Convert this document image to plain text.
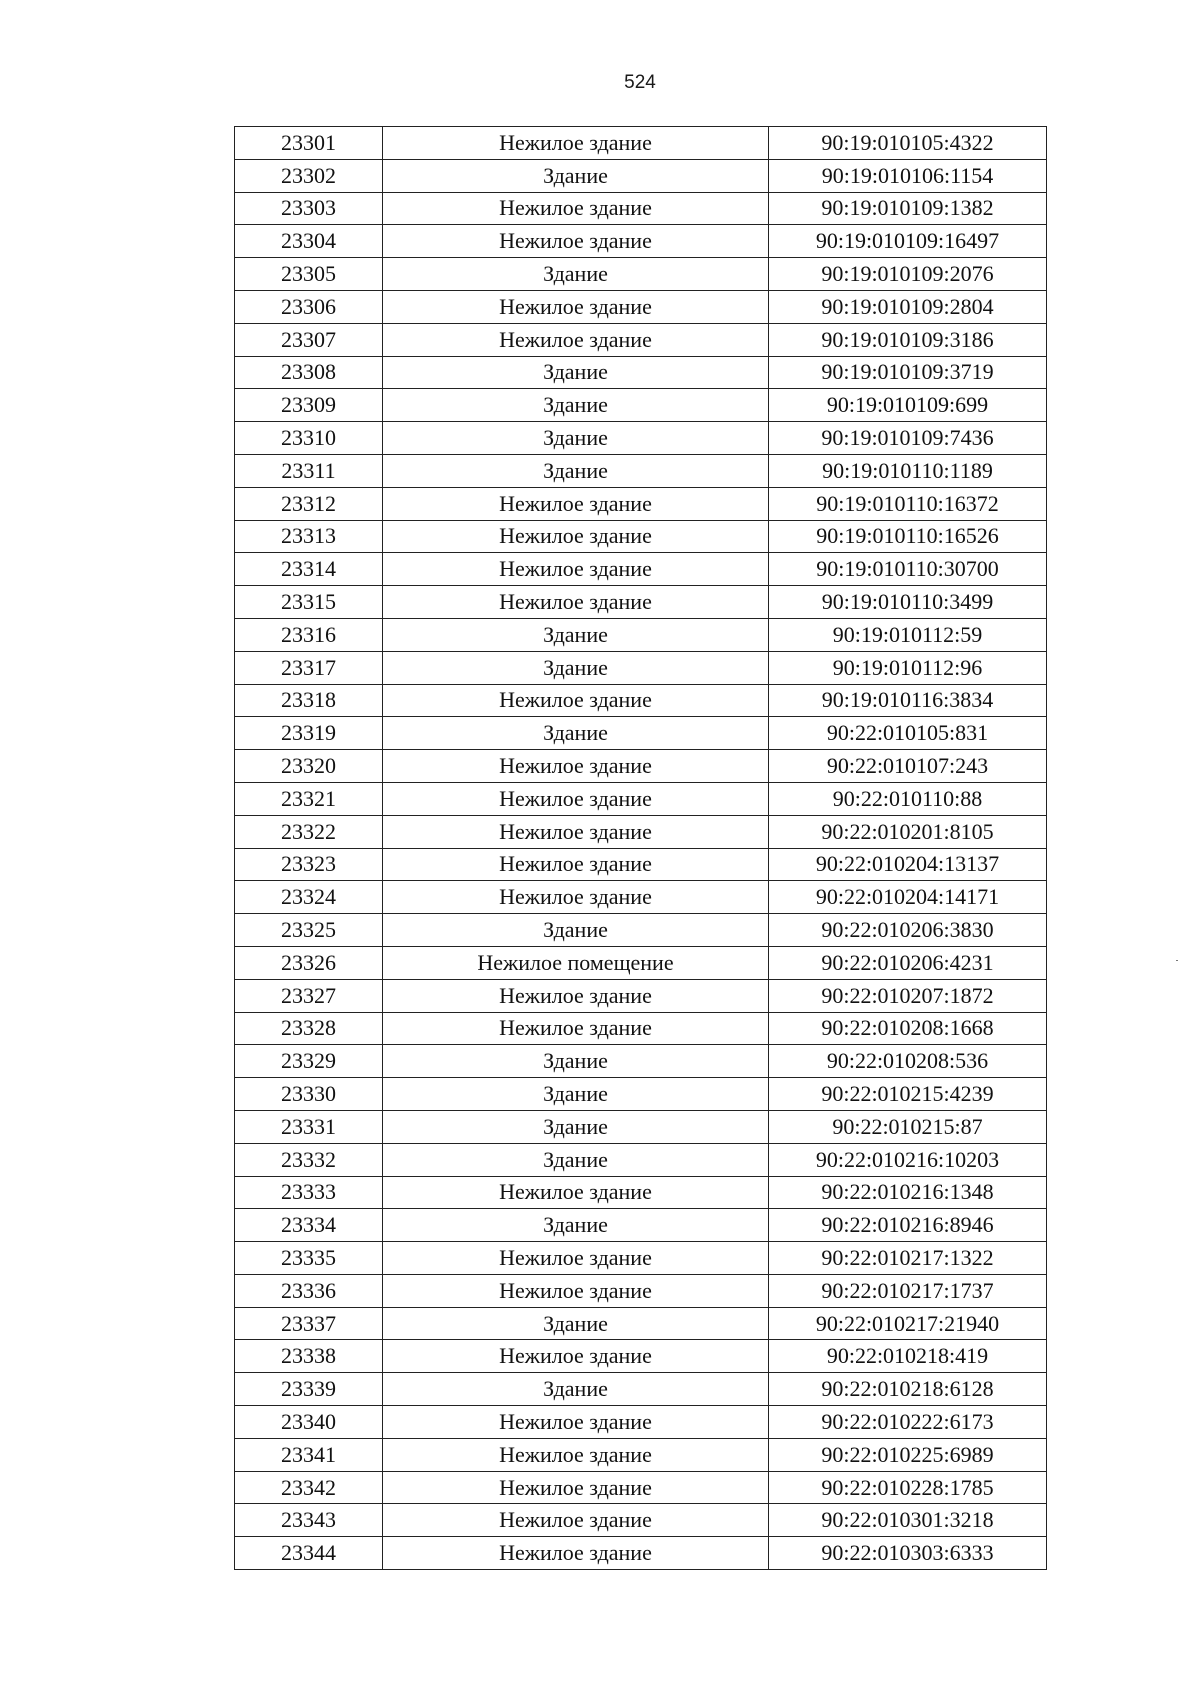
524
23301	Нежилое здание	90:19:010105:4322
23302	Здание	90:19:010106:1154
23303	Нежилое здание	90:19:010109:1382
23304	Нежилое здание	90:19:010109:16497
23305	Здание	90:19:010109:2076
23306	Нежилое здание	90:19:010109:2804
23307	Нежилое здание	90:19:010109:3186
23308	Здание	90:19:010109:3719
23309	Здание	90:19:010109:699
23310	Здание	90:19:010109:7436
23311	Здание	90:19:010110:1189
23312	Нежилое здание	90:19:010110:16372
23313	Нежилое здание	90:19:010110:16526
23314	Нежилое здание	90:19:010110:30700
23315	Нежилое здание	90:19:010110:3499
23316	Здание	90:19:010112:59
23317	Здание	90:19:010112:96
23318	Нежилое здание	90:19:010116:3834
23319	Здание	90:22:010105:831
23320	Нежилое здание	90:22:010107:243
23321	Нежилое здание	90:22:010110:88
23322	Нежилое здание	90:22:010201:8105
23323	Нежилое здание	90:22:010204:13137
23324	Нежилое здание	90:22:010204:14171
23325	Здание	90:22:010206:3830
23326	Нежилое помещение	90:22:010206:4231
23327	Нежилое здание	90:22:010207:1872
23328	Нежилое здание	90:22:010208:1668
23329	Здание	90:22:010208:536
23330	Здание	90:22:010215:4239
23331	Здание	90:22:010215:87
23332	Здание	90:22:010216:10203
23333	Нежилое здание	90:22:010216:1348
23334	Здание	90:22:010216:8946
23335	Нежилое здание	90:22:010217:1322
23336	Нежилое здание	90:22:010217:1737
23337	Здание	90:22:010217:21940
23338	Нежилое здание	90:22:010218:419
23339	Здание	90:22:010218:6128
23340	Нежилое здание	90:22:010222:6173
23341	Нежилое здание	90:22:010225:6989
23342	Нежилое здание	90:22:010228:1785
23343	Нежилое здание	90:22:010301:3218
23344	Нежилое здание	90:22:010303:6333
